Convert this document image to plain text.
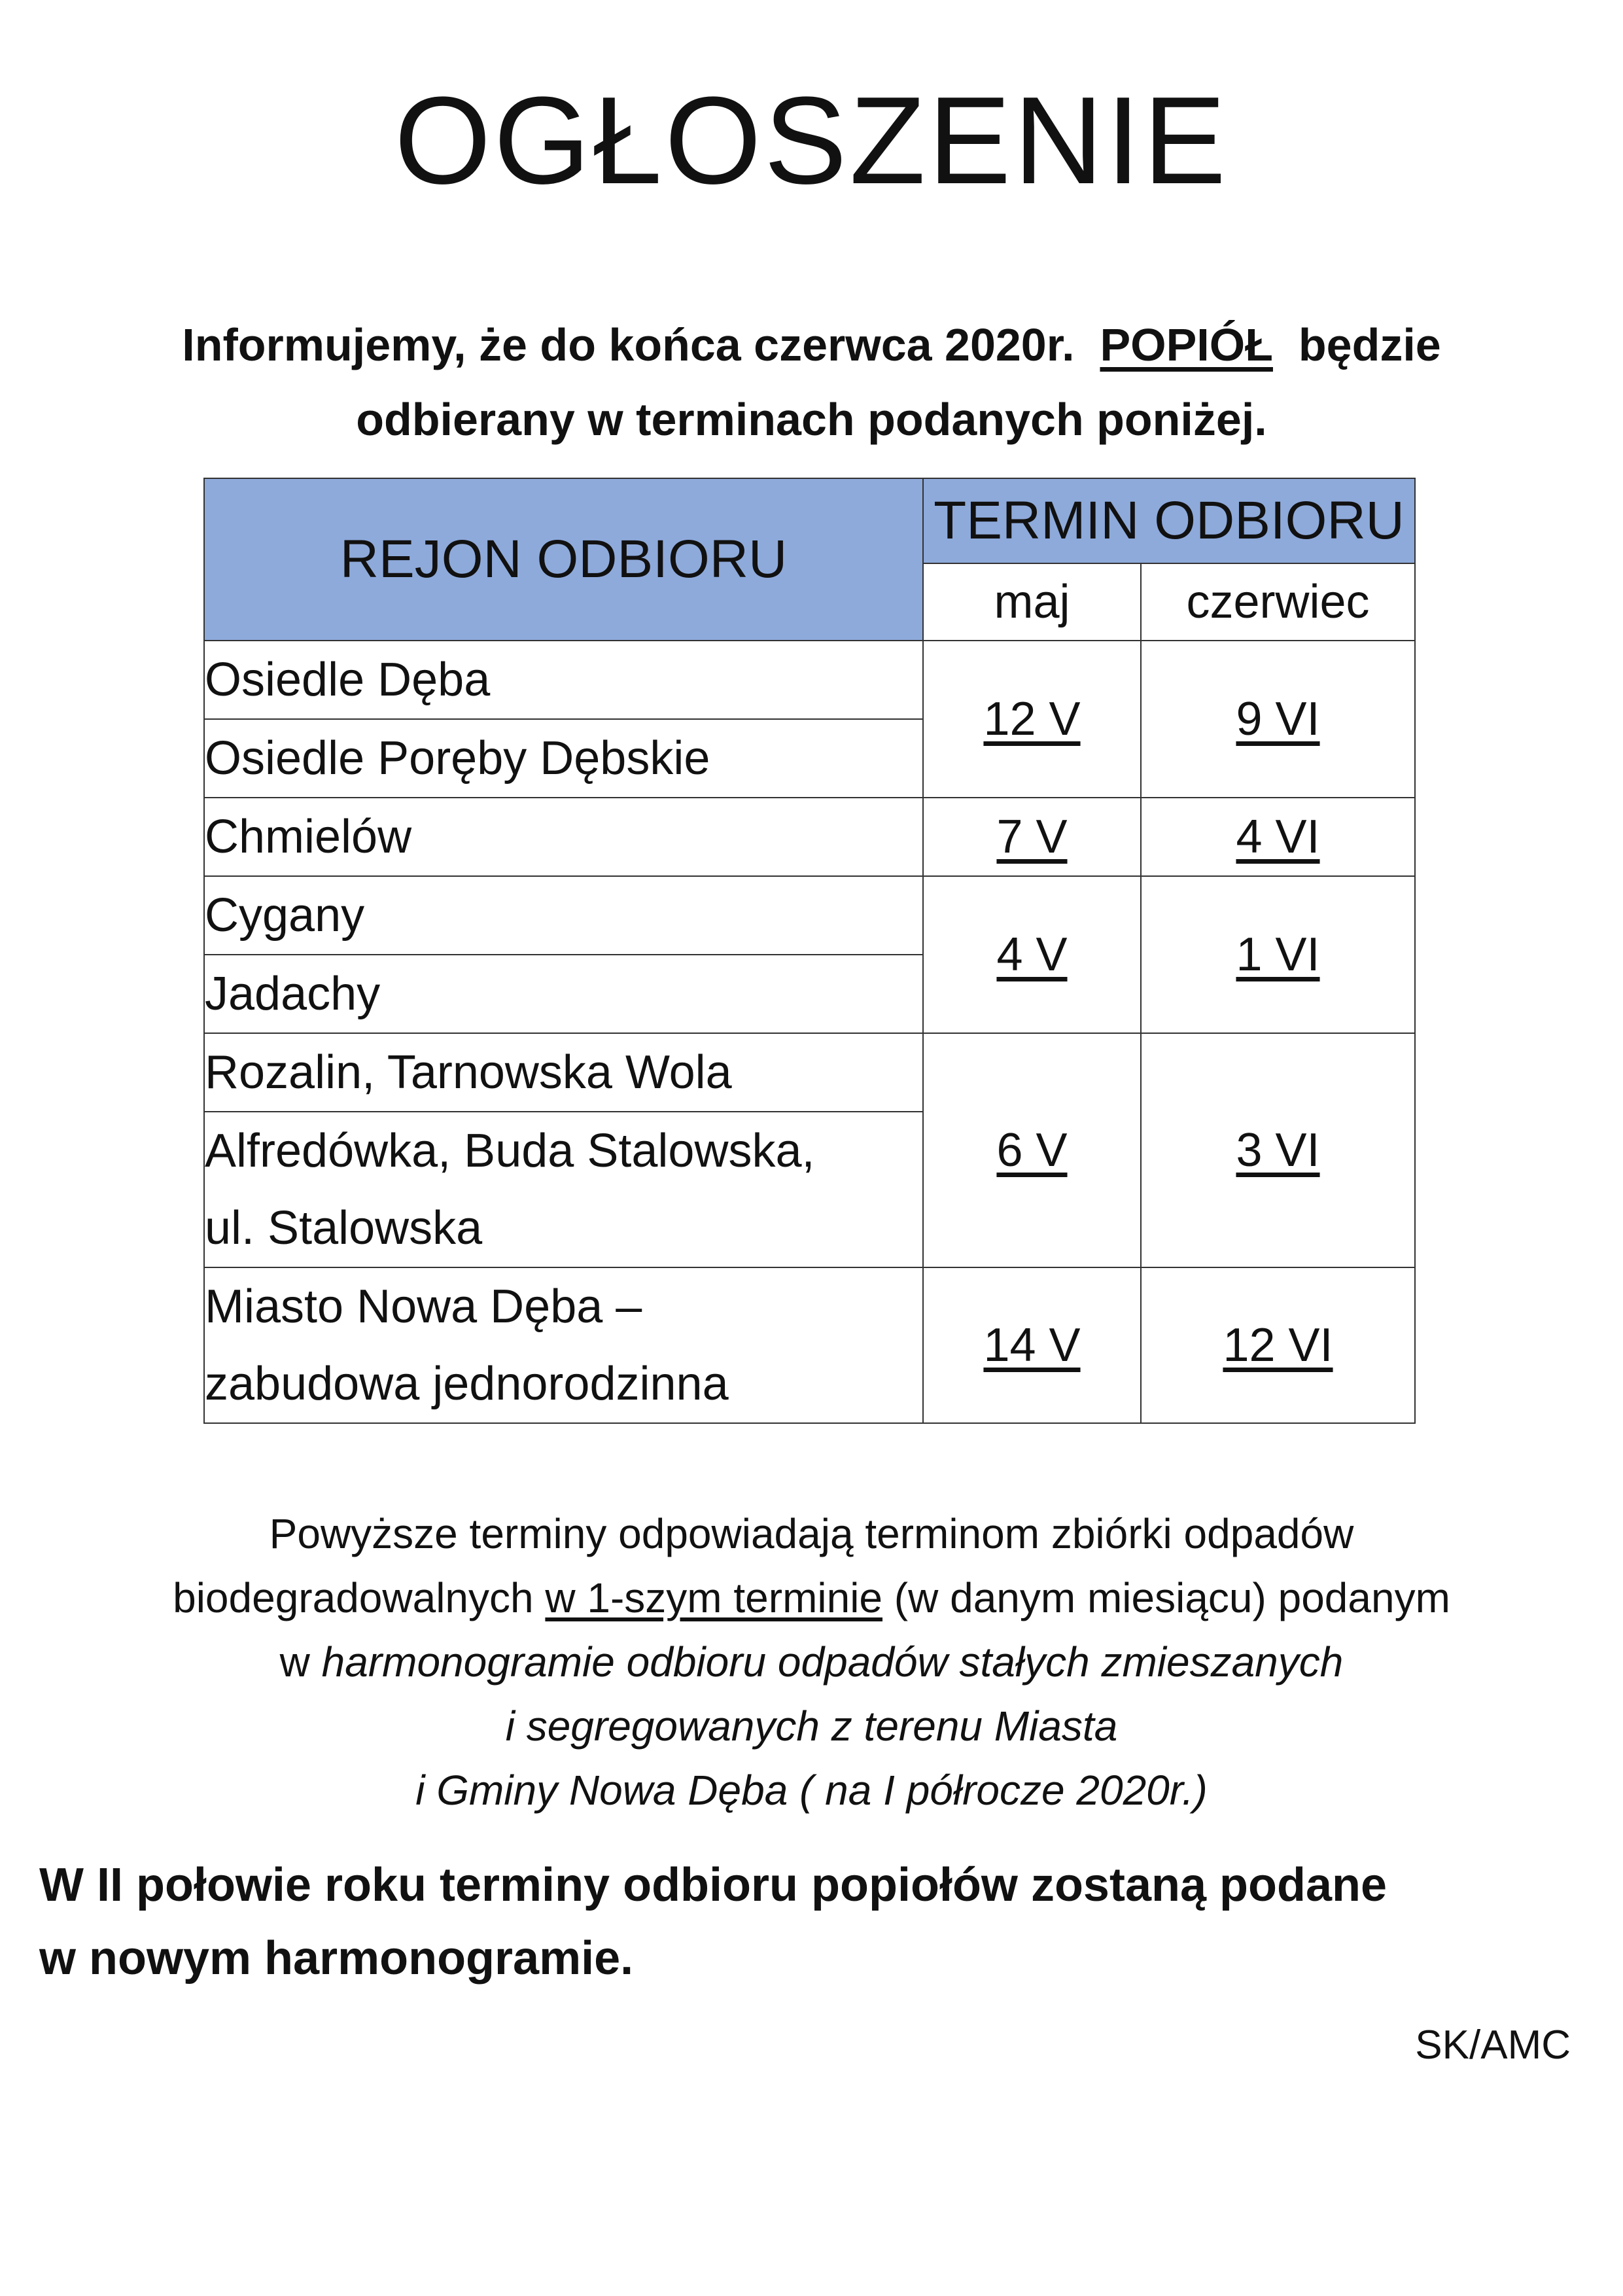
OGŁOSZENIE
Informujemy, że do końca czerwca 2020r. POPIÓŁ będzie
odbierany w terminach podanych poniżej.
REJON ODBIORU	TERMIN ODBIORU	
	maj	czerwiec
Osiedle Dęba	12 V	9 VI
Osiedle Poręby Dębskie		
Chmielów	7 V	4 VI
Cygany	4 V	1 VI
Jadachy		
Rozalin, Tarnowska Wola	6 V	3 VI
Alfredówka, Buda Stalowska,
ul. Stalowska		
Miasto Nowa Dęba –
zabudowa jednorodzinna	14 V	12 VI
Powyższe terminy odpowiadają terminom zbiórki odpadów
biodegradowalnych w 1-szym terminie (w danym miesiącu) podanym
w harmonogramie odbioru odpadów stałych zmieszanych
i segregowanych z terenu Miasta
i Gminy Nowa Dęba ( na I półrocze 2020r.)
W II połowie roku terminy odbioru popiołów zostaną podane
w nowym harmonogramie.
SK/AMC
